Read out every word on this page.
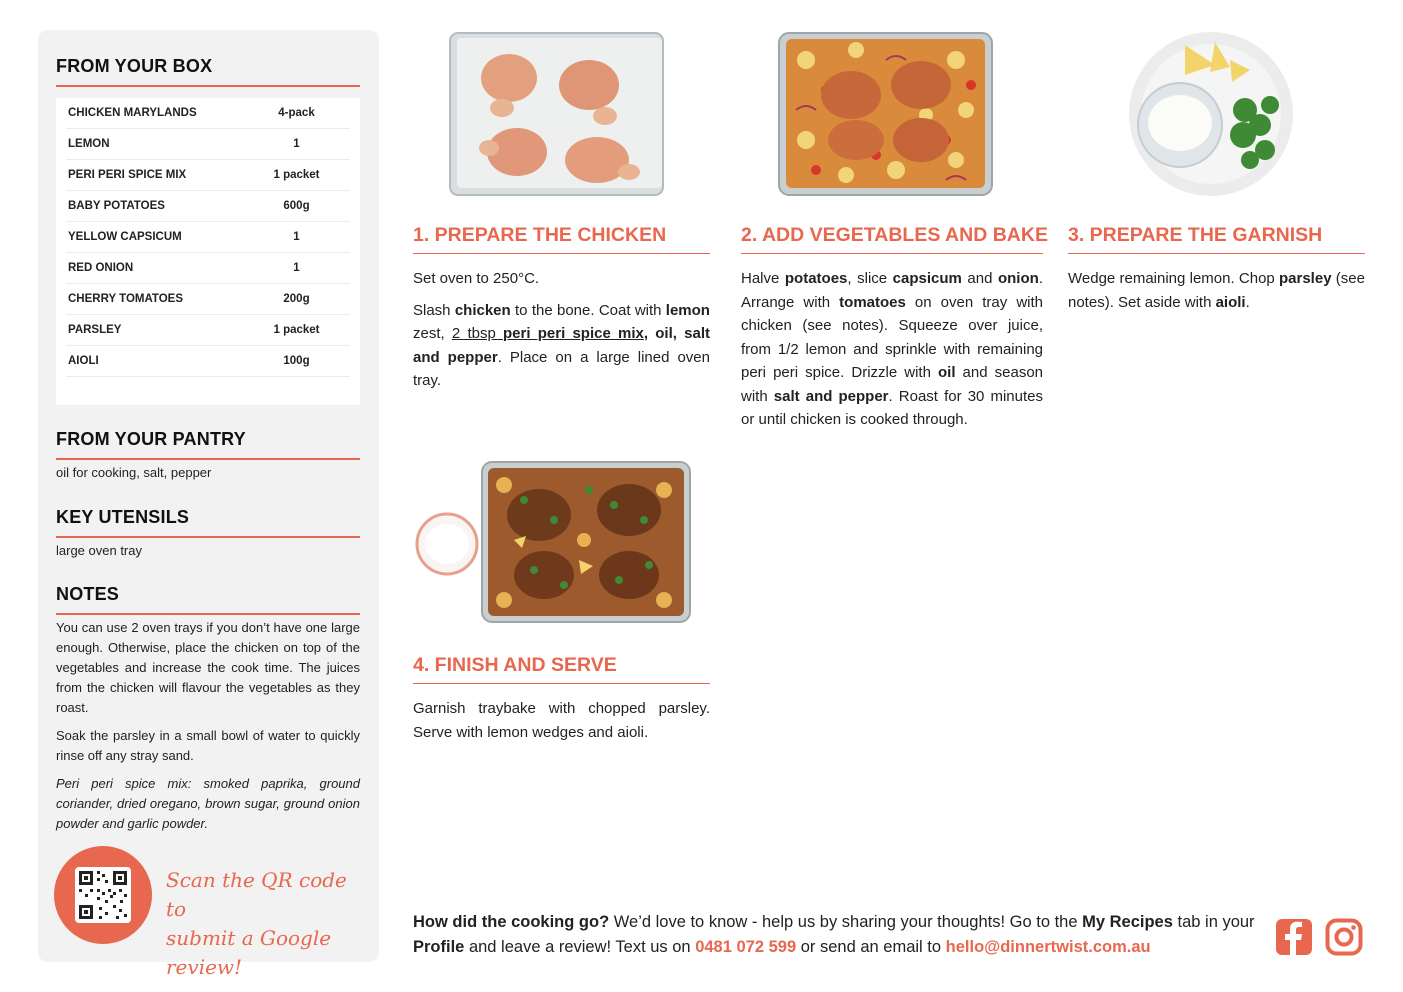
FROM YOUR BOX
CHICKEN MARYLANDS	4-pack
LEMON	1
PERI PERI SPICE MIX	1 packet
BABY POTATOES	600g
YELLOW CAPSICUM	1
RED ONION	1
CHERRY TOMATOES	200g
PARSLEY	1 packet
AIOLI	100g
FROM YOUR PANTRY

oil for cooking, salt, pepper

KEY UTENSILS

large oven tray

NOTES

You can use 2 oven trays if you don’t have one large enough. Otherwise, place the chicken on top of the vegetables and increase the cook time. The juices from the chicken will flavour the vegetables as they roast.

Soak the parsley in a small bowl of water to quickly rinse off any stray sand.

Peri peri spice mix: smoked paprika, ground coriander, dried oregano, brown sugar, ground onion powder and garlic powder.

Scan the QR code to
submit a Google review!
1. PREPARE THE CHICKEN

Set oven to 250°C.

Slash chicken to the bone. Coat with lemon zest, 2 tbsp peri peri spice mix, oil, salt and pepper. Place on a large lined oven tray.

2. ADD VEGETABLES AND BAKE

Halve potatoes, slice capsicum and onion. Arrange with tomatoes on oven tray with chicken (see notes). Squeeze over juice, from 1/2 lemon and sprinkle with remaining peri peri spice. Drizzle with oil and season with salt and pepper. Roast for 30 minutes or until chicken is cooked through.

3. PREPARE THE GARNISH

Wedge remaining lemon. Chop parsley (see notes). Set aside with aioli.

4. FINISH AND SERVE

Garnish traybake with chopped parsley. Serve with lemon wedges and aioli.

How did the cooking go? We’d love to know - help us by sharing your thoughts! Go to the My Recipes tab in your Profile and leave a review! Text us on 0481 072 599 or send an email to hello@dinnertwist.com.au
